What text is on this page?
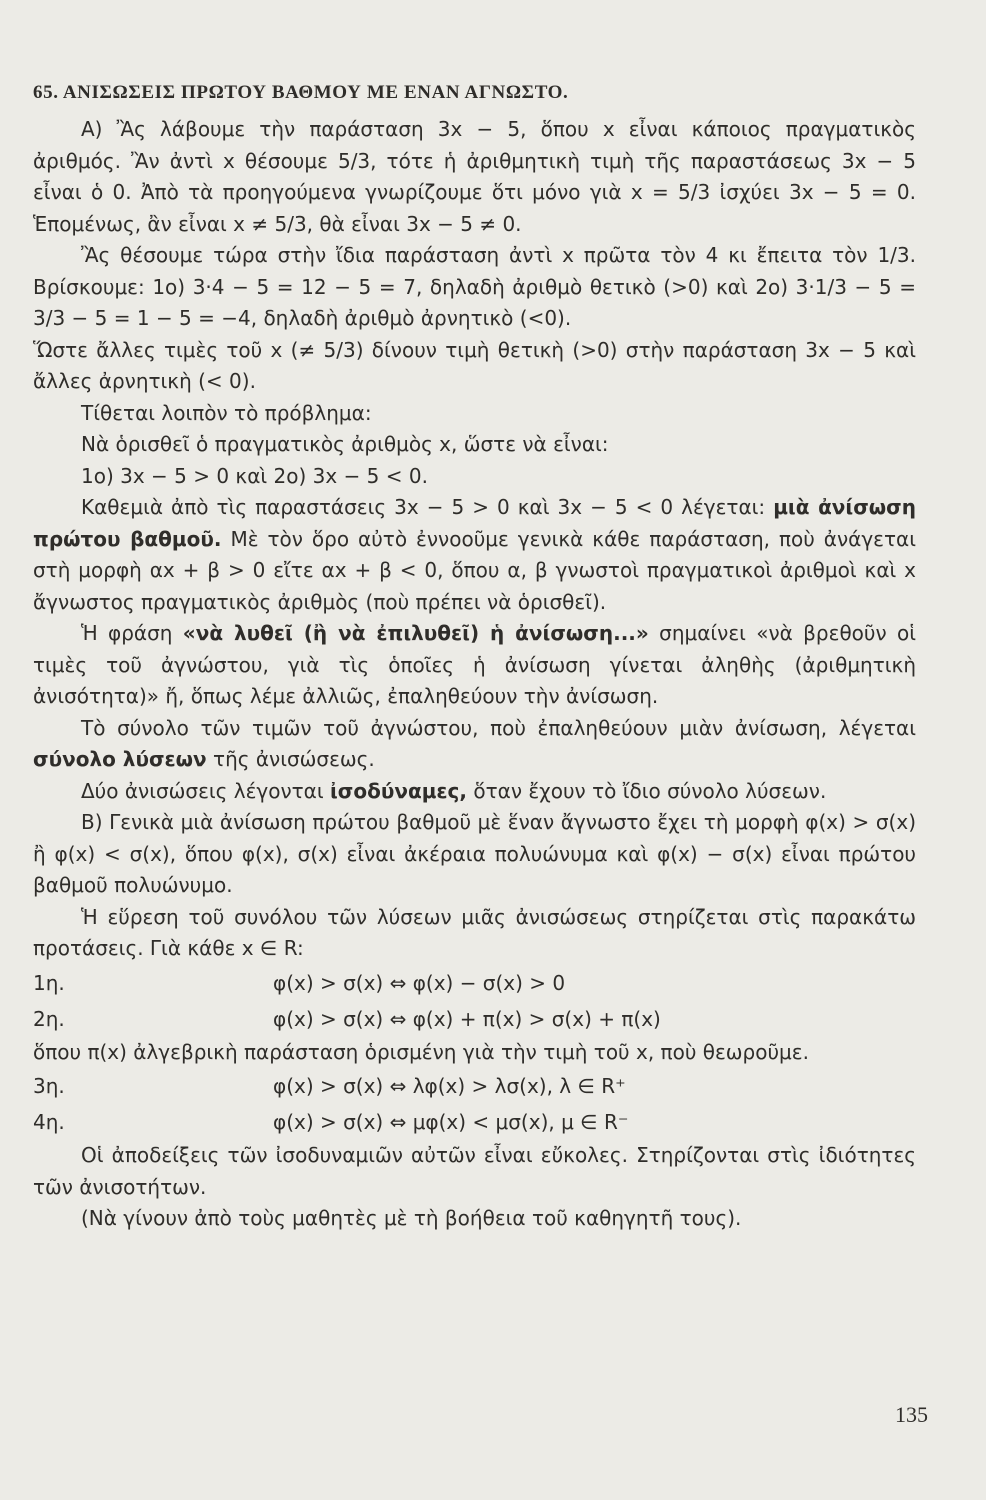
65. ΑΝΙΣΩΣΕΙΣ ΠΡΩΤΟΥ ΒΑΘΜΟΥ ΜΕ ΕΝΑΝ ΑΓΝΩΣΤΟ.

Α) Ἂς λάβουμε τὴν παράσταση 3x − 5, ὅπου x εἶναι κάποιος πραγματικὸς ἀριθμός. Ἂν ἀντὶ x θέσουμε 5/3, τότε ἡ ἀριθμητικὴ τιμὴ τῆς παραστάσεως 3x − 5 εἶναι ὁ 0. Ἀπὸ τὰ προηγούμενα γνωρίζουμε ὅτι μόνο γιὰ x = 5/3 ἰσχύει 3x − 5 = 0. Ἑπομένως, ἂν εἶναι x ≠ 5/3, θὰ εἶναι 3x − 5 ≠ 0.

Ἂς θέσουμε τώρα στὴν ἴδια παράσταση ἀντὶ x πρῶτα τὸν 4 κι ἔπειτα τὸν 1/3. Βρίσκουμε: 1ο) 3·4 − 5 = 12 − 5 = 7, δηλαδὴ ἀριθμὸ θετικὸ (>0) καὶ 2ο) 3·1/3 − 5 = 3/3 − 5 = 1 − 5 = −4, δηλαδὴ ἀριθμὸ ἀρνητικὸ (<0).

Ὥστε ἄλλες τιμὲς τοῦ x (≠ 5/3) δίνουν τιμὴ θετικὴ (>0) στὴν παράσταση 3x − 5 καὶ ἄλλες ἀρνητικὴ (< 0).

Τίθεται λοιπὸν τὸ πρόβλημα:

Νὰ ὁρισθεῖ ὁ πραγματικὸς ἀριθμὸς x, ὥστε νὰ εἶναι:

1ο) 3x − 5 > 0 καὶ 2ο) 3x − 5 < 0.

Καθεμιὰ ἀπὸ τὶς παραστάσεις 3x − 5 > 0 καὶ 3x − 5 < 0 λέγεται: μιὰ ἀνίσωση πρώτου βαθμοῦ. Μὲ τὸν ὅρο αὐτὸ ἐννοοῦμε γενικὰ κάθε παράσταση, ποὺ ἀνάγεται στὴ μορφὴ αx + β > 0 εἴτε αx + β < 0, ὅπου α, β γνωστοὶ πραγματικοὶ ἀριθμοὶ καὶ x ἄγνωστος πραγματικὸς ἀριθμὸς (ποὺ πρέπει νὰ ὁρισθεῖ).

Ἡ φράση «νὰ λυθεῖ (ἢ νὰ ἐπιλυθεῖ) ἡ ἀνίσωση...» σημαίνει «νὰ βρεθοῦν οἱ τιμὲς τοῦ ἀγνώστου, γιὰ τὶς ὁποῖες ἡ ἀνίσωση γίνεται ἀληθὴς (ἀριθμητικὴ ἀνισότητα)» ἤ, ὅπως λέμε ἀλλιῶς, ἐπαληθεύουν τὴν ἀνίσωση.

Τὸ σύνολο τῶν τιμῶν τοῦ ἀγνώστου, ποὺ ἐπαληθεύουν μιὰν ἀνίσωση, λέγεται σύνολο λύσεων τῆς ἀνισώσεως.

Δύο ἀνισώσεις λέγονται ἰσοδύναμες, ὅταν ἔχουν τὸ ἴδιο σύνολο λύσεων.

Β) Γενικὰ μιὰ ἀνίσωση πρώτου βαθμοῦ μὲ ἕναν ἄγνωστο ἔχει τὴ μορφὴ φ(x) > σ(x) ἢ φ(x) < σ(x), ὅπου φ(x), σ(x) εἶναι ἀκέραια πολυώνυμα καὶ φ(x) − σ(x) εἶναι πρώτου βαθμοῦ πολυώνυμο.

Ἡ εὕρεση τοῦ συνόλου τῶν λύσεων μιᾶς ἀνισώσεως στηρίζεται στὶς παρακάτω προτάσεις. Γιὰ κάθε x ∈ R:

1η.	φ(x) > σ(x) ⇔ φ(x) − σ(x) > 0
2η.	φ(x) > σ(x) ⇔ φ(x) + π(x) > σ(x) + π(x)

ὅπου π(x) ἀλγεβρικὴ παράσταση ὁρισμένη γιὰ τὴν τιμὴ τοῦ x, ποὺ θεωροῦμε.

3η.	φ(x) > σ(x) ⇔ λφ(x) > λσ(x), λ ∈ R⁺
4η.	φ(x) > σ(x) ⇔ μφ(x) < μσ(x), μ ∈ R⁻

Οἱ ἀποδείξεις τῶν ἰσοδυναμιῶν αὐτῶν εἶναι εὔκολες. Στηρίζονται στὶς ἰδιότητες τῶν ἀνισοτήτων.

(Νὰ γίνουν ἀπὸ τοὺς μαθητὲς μὲ τὴ βοήθεια τοῦ καθηγητῆ τους).

135
